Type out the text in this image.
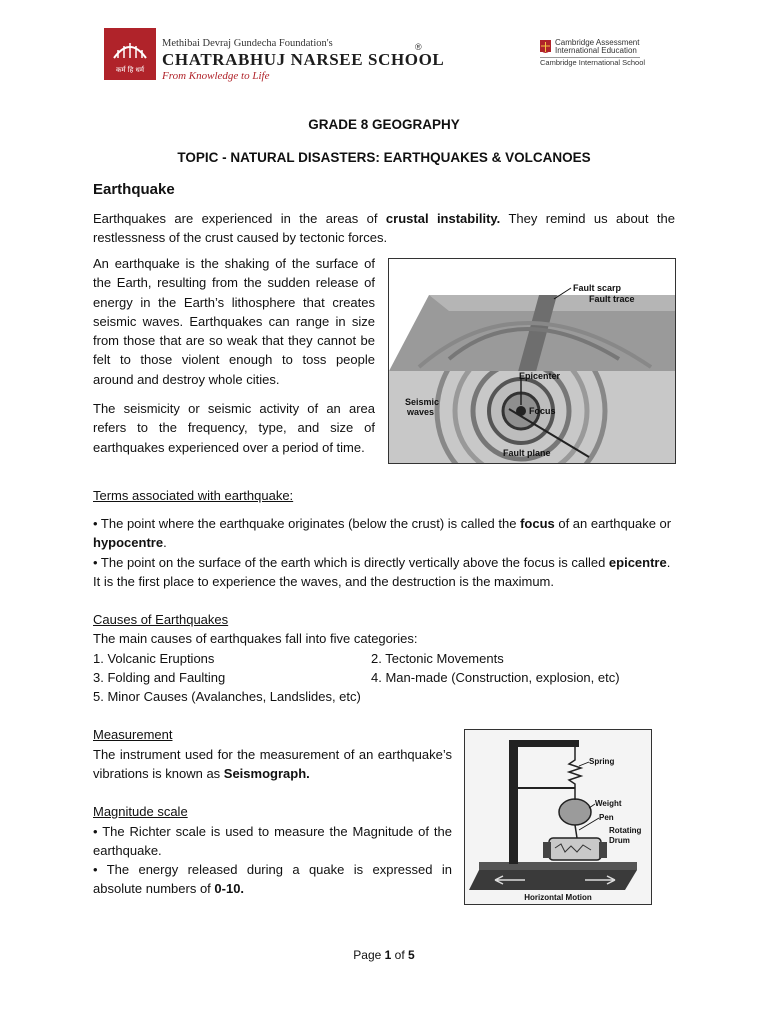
कर्म हि धर्म
Methibai Devraj Gundecha Foundation's
CHATRABHUJ NARSEE SCHOOL
®
From Knowledge to Life
Cambridge Assessment
International Education
Cambridge International School
GRADE 8 GEOGRAPHY
TOPIC - NATURAL DISASTERS: EARTHQUAKES & VOLCANOES
Earthquake

Earthquakes are experienced in the areas of crustal instability. They remind us about the restlessness of the crust caused by tectonic forces.

An earthquake is the shaking of the surface of the Earth, resulting from the sudden release of energy in the Earth’s lithosphere that creates seismic waves. Earthquakes can range in size from those that are so weak that they cannot be felt to those violent enough to toss people around and destroy whole cities.

The seismicity or seismic activity of an area refers to the frequency, type, and size of earthquakes experienced over a period of time.

Fault scarp
Fault trace
Epicenter
Seismic
waves	Focus
Fault plane

Terms associated with earthquake:

• The point where the earthquake originates (below the crust) is called the focus of an earthquake or hypocentre.

• The point on the surface of the earth which is directly vertically above the focus is called epicentre. It is the first place to experience the waves, and the destruction is the maximum.

Causes of Earthquakes

The main causes of earthquakes fall into five categories:

1. Volcanic Eruptions	2. Tectonic Movements

3. Folding and Faulting	4. Man-made (Construction, explosion, etc)

5. Minor Causes (Avalanches, Landslides, etc)

Measurement

The instrument used for the measurement of an earthquake’s vibrations is known as Seismograph.

Magnitude scale

• The Richter scale is used to measure the Magnitude of the earthquake.

• The energy released during a quake is expressed in absolute numbers of 0-10.

Spring
Weight
Pen
Rotating
Drum
Horizontal Motion
Page 1 of 5
